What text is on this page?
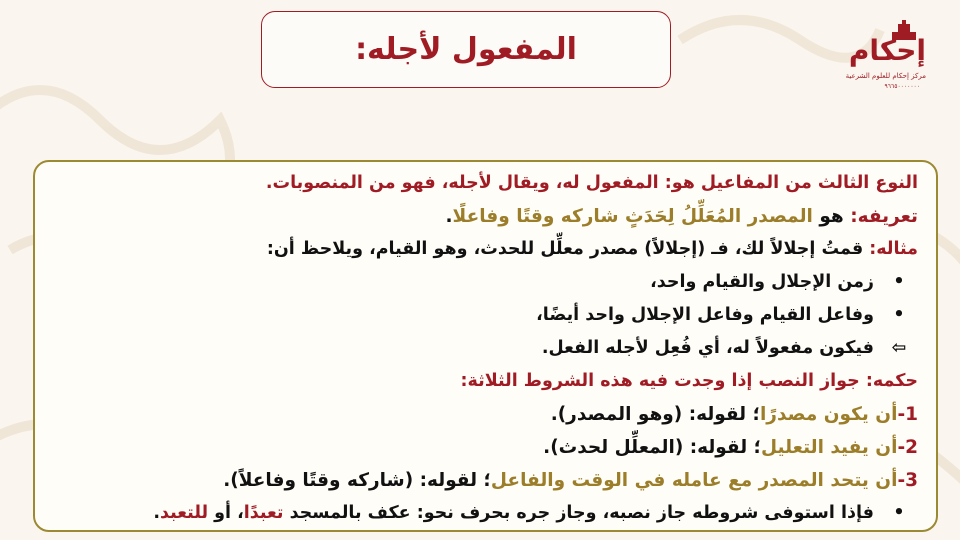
المفعول لأجله:	إحكام
مركز إحكام للعلوم الشرعية
٩٦٦٥٠٠٠٠٠٠٠
النوع الثالث من المفاعيل هو: المفعول له، ويقال لأجله، فهو من المنصوبات.
تعريفه: هو المصدر المُعَلِّلُ لِحَدَثٍ شاركه وقتًا وفاعلًا.
مثاله: قمتُ إجلالاً لك، فـ (إجلالاً) مصدر معلِّل للحدث، وهو القيام، ويلاحظ أن:
•زمن الإجلال والقيام واحد،
•وفاعل القيام وفاعل الإجلال واحد أيضًا،
⇦فيكون مفعولاً له، أي فُعِل لأجله الفعل.
حكمه: جواز النصب إذا وجدت فيه هذه الشروط الثلاثة:
1-أن يكون مصدرًا؛ لقوله: (وهو المصدر).
2-أن يفيد التعليل؛ لقوله: (المعلِّل لحدث).
3-أن يتحد المصدر مع عامله في الوقت والفاعل؛ لقوله: (شاركه وقتًا وفاعلاً).
•فإذا استوفى شروطه جاز نصبه، وجاز جره بحرف نحو: عكف بالمسجد تعبدًا، أو للتعبد.
